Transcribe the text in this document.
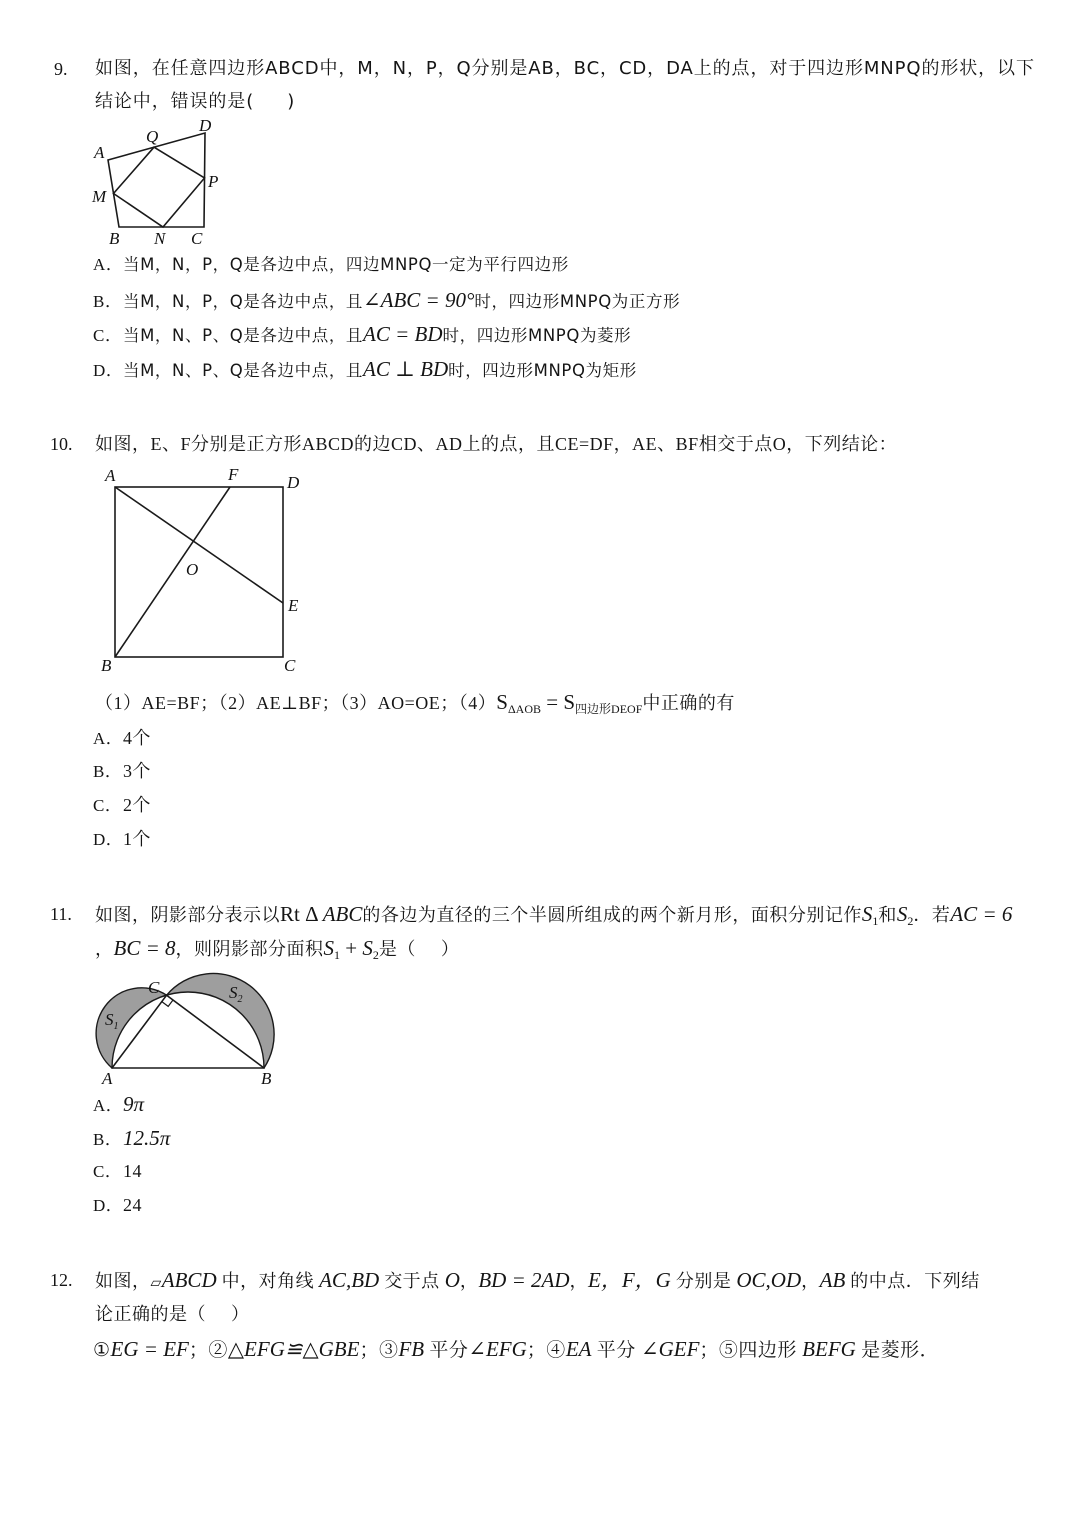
9. 如图，在任意四边形ABCD中，M，N，P，Q分别是AB，BC，CD，DA上的点，对于四边形MNPQ的形状，以下
结论中，错误的是(     )
A
Q
D
M
P
B N C
A．当M，N，P，Q是各边中点，四边MNPQ一定为平行四边形
B．当M，N，P，Q是各边中点，且∠ABC = 90°时，四边形MNPQ为正方形
C．当M，N、P、Q是各边中点，且AC = BD时，四边形MNPQ为菱形
D．当M，N、P、Q是各边中点，且AC ⊥ BD时，四边形MNPQ为矩形
10. 如图，E、F分别是正方形ABCD的边CD、AD上的点，且CE=DF，AE、BF相交于点O，下列结论：
A	F	D
O
E
B	C
（1）AE=BF；（2）AE⊥BF；（3）AO=OE；$(4)S_{\Delta AOB} = S_{四边形DEOF}$中正确的有
A．4个
B．3个
C．2个
D．1个
11. 如图，阴影部分表示以Rt Δ ABC的各边为直径的三个半圆所组成的两个新月形，面积分别记作$S_1$和$S_2$．若AC = 6
，BC = 8，则阴影部分面积$S_1 + S_2$是（     ）
C
$S_1$
$S_2$
A	B
A．9π
B．12.5π
C．14
D．24
12. 如图，▱ABCD 中，对角线 AC,BD 交于点 O，BD = 2AD，E，F，G 分别是 OC,OD，AB 的中点．下列结
论正确的是（     ）
①EG = EF；②△EFG≌△GBE；③FB 平分∠EFG；④EA 平分 ∠GEF；⑤四边形 BEFG 是菱形．
